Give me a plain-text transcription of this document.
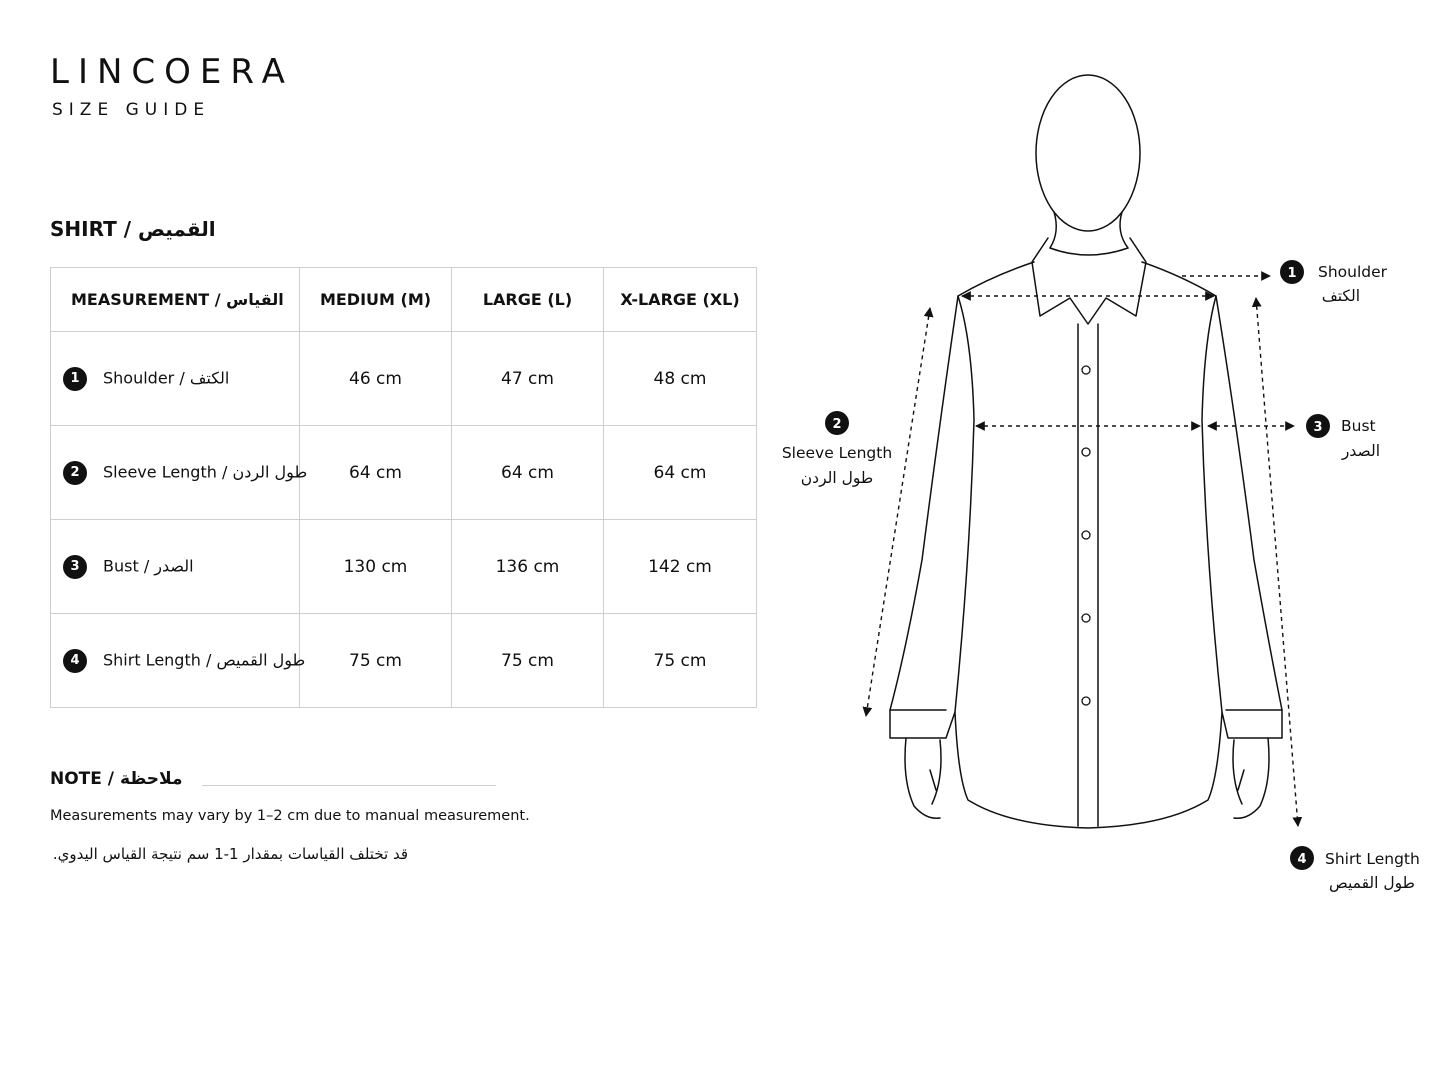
LINCOERA

SIZE GUIDE

SHIRT / القميص
MEASUREMENT / القياس	MEDIUM (M)	LARGE (L)	X-LARGE (XL)
1 Shoulder / الكتف	46 cm	47 cm	48 cm
2 Sleeve Length / طول الردن	64 cm	64 cm	64 cm
3 Bust / الصدر	130 cm	136 cm	142 cm
4 Shirt Length / طول القميص	75 cm	75 cm	75 cm
NOTE / ملاحظة

Measurements may vary by 1–2 cm due to manual measurement.

قد تختلف القياسات بمقدار 1-1 سم نتيجة القياس اليدوي.

1 Shoulder
الكتف
2
Sleeve Length
طول الردن
3 Bust
الصدر
4 Shirt Length
طول القميص
